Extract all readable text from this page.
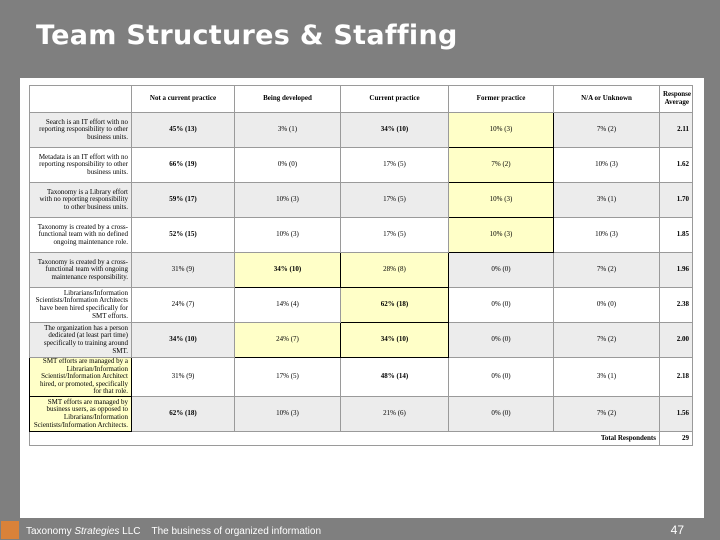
Team Structures & Staffing
	Not a current practice	Being developed	Current practice	Former practice	N/A or Unknown	Response Average
Search is an IT effort with no reporting responsibility to other business units.	45% (13)	3% (1)	34% (10)	10% (3)	7% (2)	2.11
Metadata is an IT effort with no reporting responsibility to other business units.	66% (19)	0% (0)	17% (5)	7% (2)	10% (3)	1.62
Taxonomy is a Library effort with no reporting responsibility to other business units.	59% (17)	10% (3)	17% (5)	10% (3)	3% (1)	1.70
Taxonomy is created by a cross-functional team with no defined ongoing maintenance role.	52% (15)	10% (3)	17% (5)	10% (3)	10% (3)	1.85
Taxonomy is created by a cross-functional team with ongoing maintenance responsibility.	31% (9)	34% (10)	28% (8)	0% (0)	7% (2)	1.96
Librarians/Information Scientists/Information Architects have been hired specifically for SMT efforts.	24% (7)	14% (4)	62% (18)	0% (0)	0% (0)	2.38
The organization has a person dedicated (at least part time) specifically to training around SMT.	34% (10)	24% (7)	34% (10)	0% (0)	7% (2)	2.00
SMT efforts are managed by a Librarian/Information Scientist/Information Architect hired, or promoted, specifically for that role.	31% (9)	17% (5)	48% (14)	0% (0)	3% (1)	2.18
SMT efforts are managed by business users, as opposed to Librarians/Information Scientists/Information Architects.	62% (18)	10% (3)	21% (6)	0% (0)	7% (2)	1.56
Total Respondents						29
Taxonomy Strategies LLC The business of organized information	47
